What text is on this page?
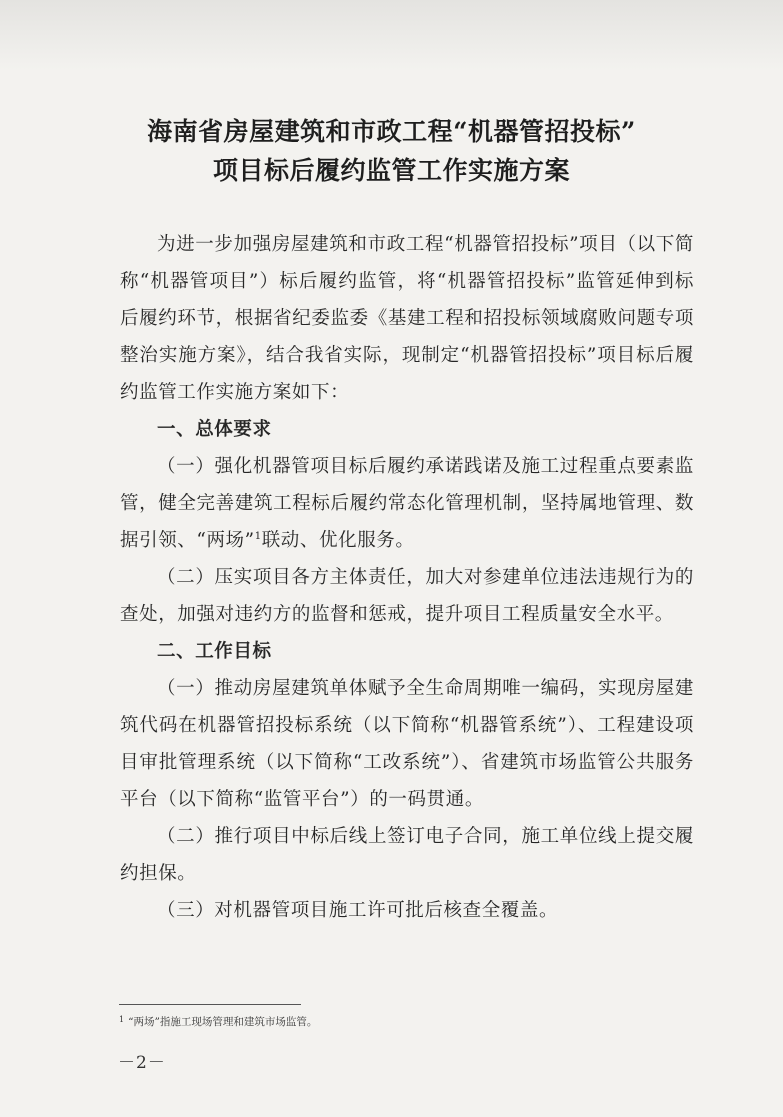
海南省房屋建筑和市政工程“机器管招投标”
项目标后履约监管工作实施方案

为进一步加强房屋建筑和市政工程“机器管招投标”项目（以下简称“机器管项目”）标后履约监管，将“机器管招投标”监管延伸到标后履约环节，根据省纪委监委《基建工程和招投标领域腐败问题专项整治实施方案》，结合我省实际，现制定“机器管招投标”项目标后履约监管工作实施方案如下：

一、总体要求

（一）强化机器管项目标后履约承诺践诺及施工过程重点要素监管，健全完善建筑工程标后履约常态化管理机制，坚持属地管理、数据引领、“两场”$^1$联动、优化服务。

（二）压实项目各方主体责任，加大对参建单位违法违规行为的查处，加强对违约方的监督和惩戒，提升项目工程质量安全水平。

二、工作目标

（一）推动房屋建筑单体赋予全生命周期唯一编码，实现房屋建筑代码在机器管招投标系统（以下简称“机器管系统”）、工程建设项目审批管理系统（以下简称“工改系统”）、省建筑市场监管公共服务平台（以下简称“监管平台”）的一码贯通。

（二）推行项目中标后线上签订电子合同，施工单位线上提交履约担保。

（三）对机器管项目施工许可批后核查全覆盖。

$^1$ “两场”指施工现场管理和建筑市场监管。
－2－
